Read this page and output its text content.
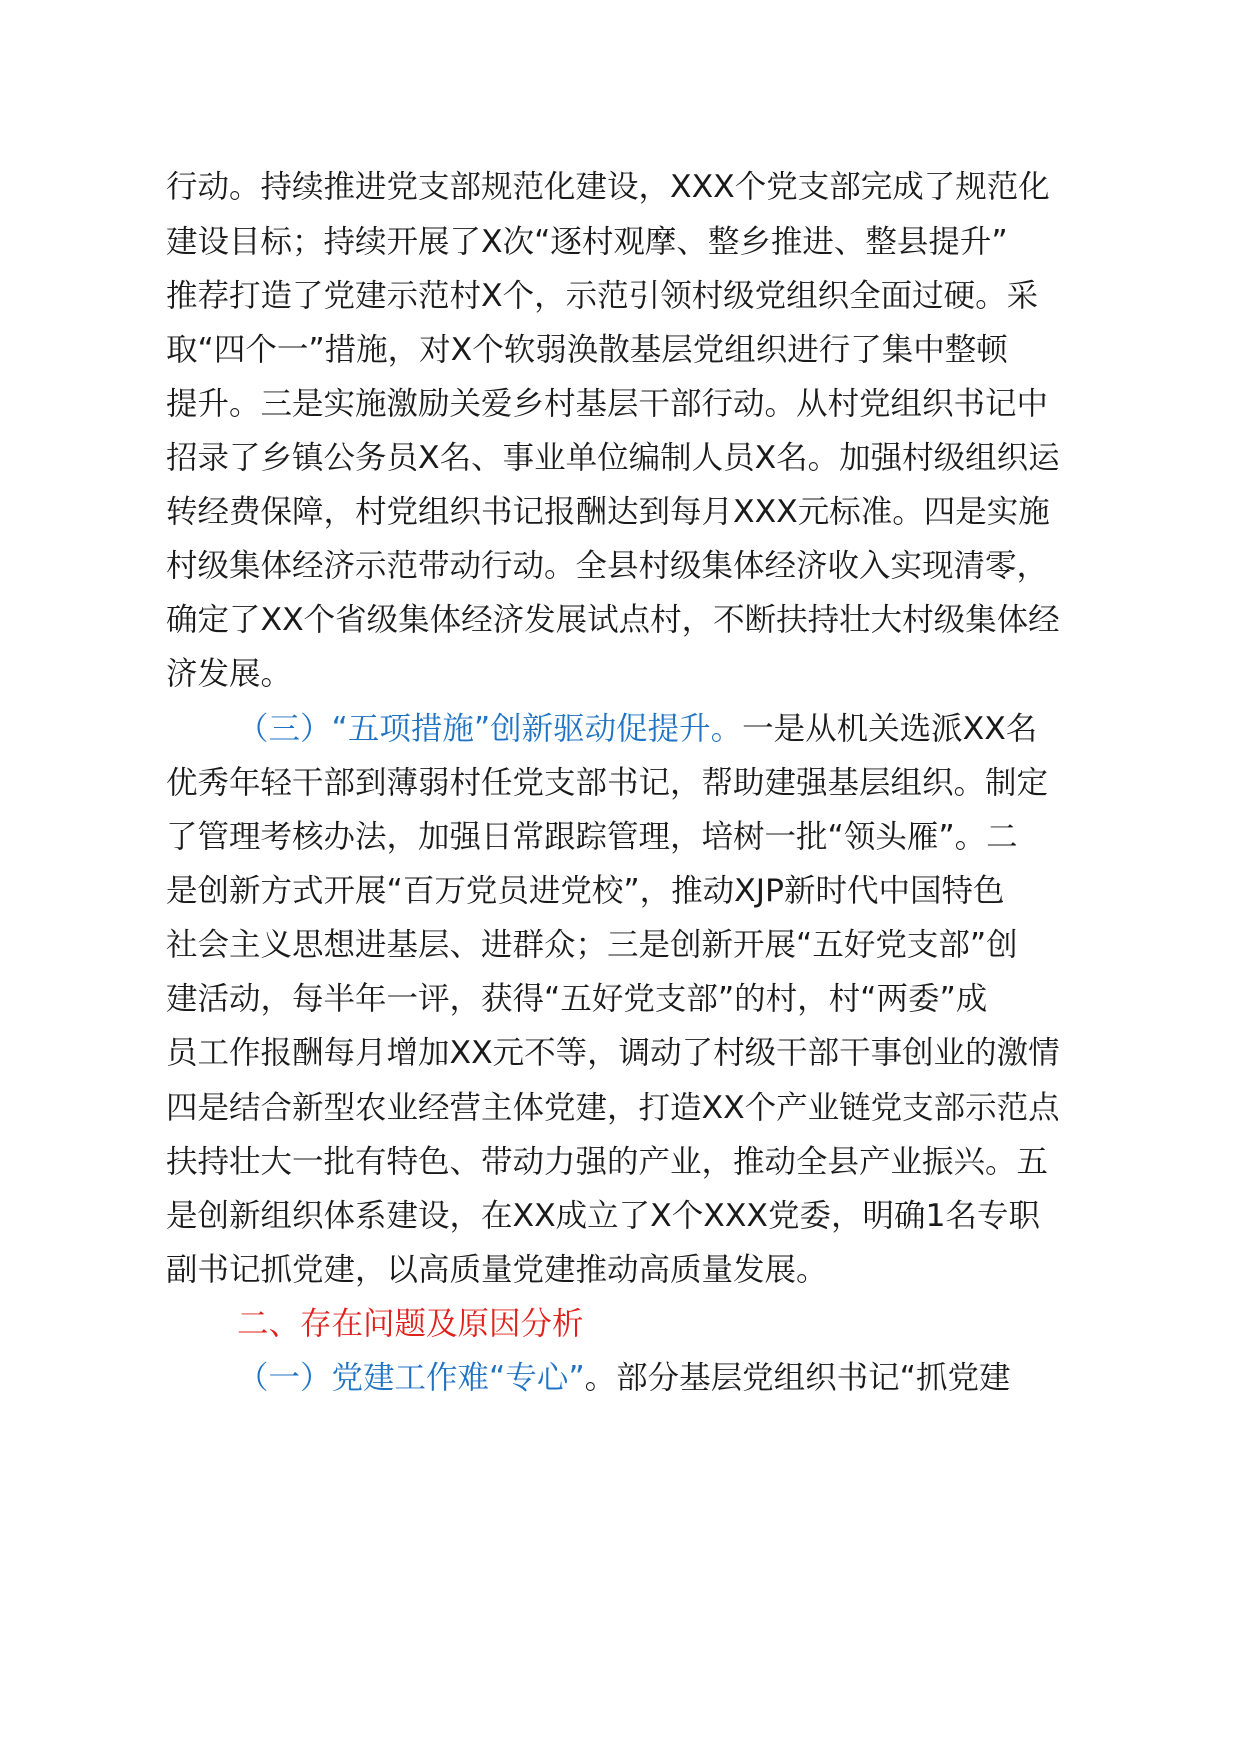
行动。持续推进党支部规范化建设，XXX个党支部完成了规范化
建设目标；持续开展了X次“逐村观摩、整乡推进、整县提升”
推荐打造了党建示范村X个，示范引领村级党组织全面过硬。采
取“四个一”措施，对X个软弱涣散基层党组织进行了集中整顿
提升。三是实施激励关爱乡村基层干部行动。从村党组织书记中
招录了乡镇公务员X名、事业单位编制人员X名。加强村级组织运
转经费保障，村党组织书记报酬达到每月XXX元标准。四是实施
村级集体经济示范带动行动。全县村级集体经济收入实现清零，
确定了XX个省级集体经济发展试点村，不断扶持壮大村级集体经
济发展。
（三）“五项措施”创新驱动促提升。一是从机关选派XX名
优秀年轻干部到薄弱村任党支部书记，帮助建强基层组织。制定
了管理考核办法，加强日常跟踪管理，培树一批“领头雁”。二
是创新方式开展“百万党员进党校”，推动XJP新时代中国特色
社会主义思想进基层、进群众；三是创新开展“五好党支部”创
建活动，每半年一评，获得“五好党支部”的村，村“两委”成
员工作报酬每月增加XX元不等，调动了村级干部干事创业的激情
四是结合新型农业经营主体党建，打造XX个产业链党支部示范点
扶持壮大一批有特色、带动力强的产业，推动全县产业振兴。五
是创新组织体系建设，在XX成立了X个XXX党委，明确1名专职
副书记抓党建，以高质量党建推动高质量发展。
二、存在问题及原因分析
（一）党建工作难“专心”。部分基层党组织书记“抓党建
